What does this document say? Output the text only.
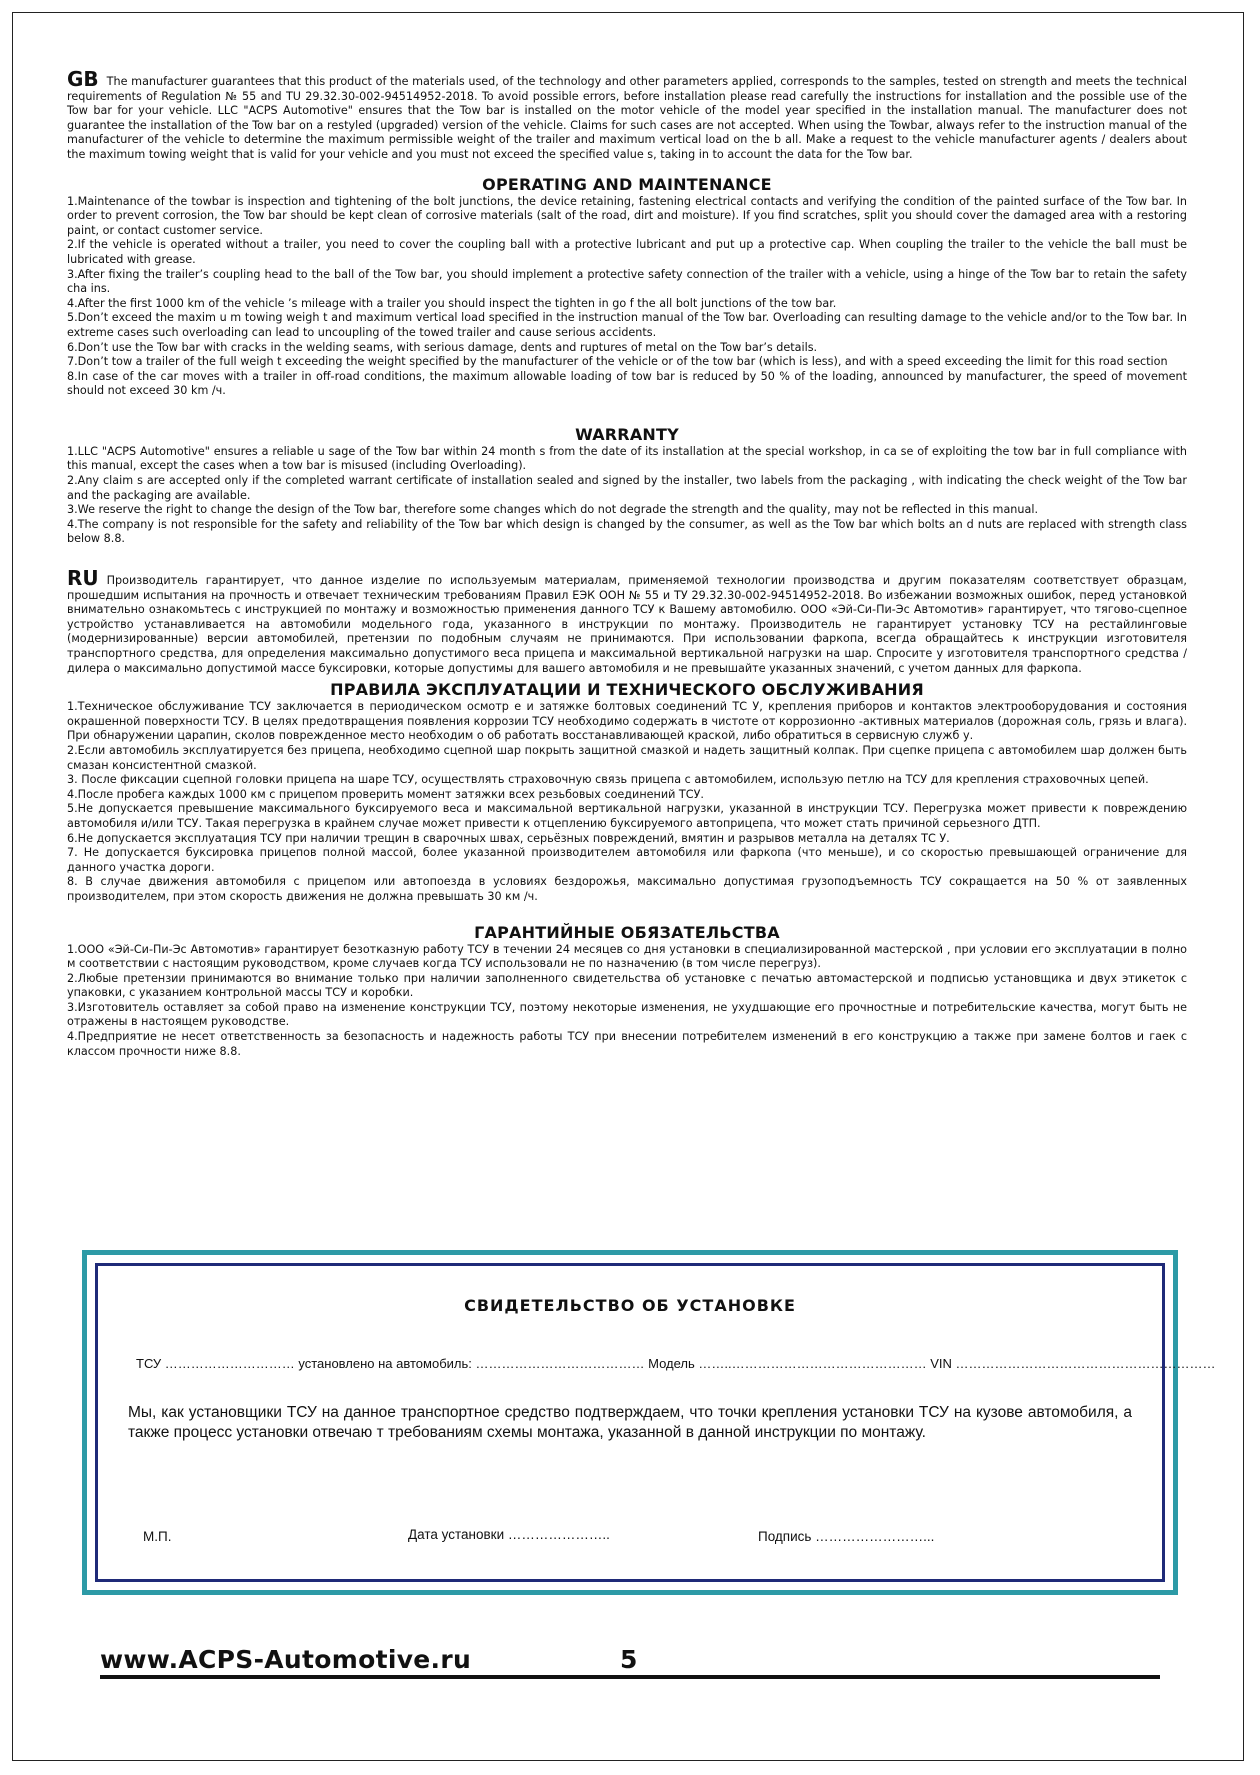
GB The manufacturer guarantees that this product of the materials used, of the technology and other parameters applied, corresponds to the samples, tested on strength and meets the technical requirements of Regulation № 55 and TU 29.32.30-002-94514952-2018. To avoid possible errors, before installation please read carefully the instructions for installation and the possible use of the Tow bar for your vehicle. LLC "ACPS Automotive" ensures that the Tow bar is installed on the motor vehicle of the model year specified in the installation manual. The manufacturer does not guarantee the installation of the Tow bar on a restyled (upgraded) version of the vehicle. Claims for such cases are not accepted. When using the Towbar, always refer to the instruction manual of the manufacturer of the vehicle to determine the maximum permissible weight of the trailer and maximum vertical load on the b all. Make a request to the vehicle manufacturer agents / dealers about the maximum towing weight that is valid for your vehicle and you must not exceed the specified value s, taking in to account the data for the Tow bar.

OPERATING AND MAINTENANCE

1.Maintenance of the towbar is inspection and tightening of the bolt junctions, the device retaining, fastening electrical contacts and verifying the condition of the painted surface of the Tow bar. In order to prevent corrosion, the Tow bar should be kept clean of corrosive materials (salt of the road, dirt and moisture). If you find scratches, split you should cover the damaged area with a restoring paint, or contact customer service.

2.If the vehicle is operated without a trailer, you need to cover the coupling ball with a protective lubricant and put up a protective cap. When coupling the trailer to the vehicle the ball must be lubricated with grease.

3.After fixing the trailer’s coupling head to the ball of the Tow bar, you should implement a protective safety connection of the trailer with a vehicle, using a hinge of the Tow bar to retain the safety cha ins.

4.After the first 1000 km of the vehicle ’s mileage with a trailer you should inspect the tighten in go f the all bolt junctions of the tow bar.

5.Don’t exceed the maxim u m towing weigh t and maximum vertical load specified in the instruction manual of the Tow bar. Overloading can resulting damage to the vehicle and/or to the Tow bar. In extreme cases such overloading can lead to uncoupling of the towed trailer and cause serious accidents.

6.Don’t use the Tow bar with cracks in the welding seams, with serious damage, dents and ruptures of metal on the Tow bar’s details.

7.Don’t tow a trailer of the full weigh t exceeding the weight specified by the manufacturer of the vehicle or of the tow bar (which is less), and with a speed exceeding the limit for this road section

8.In case of the car moves with a trailer in off-road conditions, the maximum allowable loading of tow bar is reduced by 50 % of the loading, announced by manufacturer, the speed of movement should not exceed 30 km /ч.

WARRANTY

1.LLC "ACPS Automotive" ensures a reliable u sage of the Tow bar within 24 month s from the date of its installation at the special workshop, in ca se of exploiting the tow bar in full compliance with this manual, except the cases when a tow bar is misused (including Overloading).

2.Any claim s are accepted only if the completed warrant certificate of installation sealed and signed by the installer, two labels from the packaging , with indicating the check weight of the Tow bar and the packaging are available.

3.We reserve the right to change the design of the Tow bar, therefore some changes which do not degrade the strength and the quality, may not be reflected in this manual.

4.The company is not responsible for the safety and reliability of the Tow bar which design is changed by the consumer, as well as the Tow bar which bolts an d nuts are replaced with strength class below 8.8.

RU Производитель гарантирует, что данное изделие по используемым материалам, применяемой технологии производства и другим показателям соответствует образцам, прошедшим испытания на прочность и отвечает техническим требованиям Правил ЕЭК ООН № 55 и ТУ 29.32.30-002-94514952-2018. Во избежании возможных ошибок, перед установкой внимательно ознакомьтесь с инструкцией по монтажу и возможностью применения данного ТСУ к Вашему автомобилю. ООО «Эй-Си-Пи-Эс Автомотив» гарантирует, что тягово-сцепное устройство устанавливается на автомобили модельного года, указанного в инструкции по монтажу. Производитель не гарантирует установку ТСУ на рестайлинговые (модернизированные) версии автомобилей, претензии по подобным случаям не принимаются. При использовании фаркопа, всегда обращайтесь к инструкции изготовителя транспортного средства, для определения максимально допустимого веса прицепа и максимальной вертикальной нагрузки на шар. Спросите у изготовителя транспортного средства / дилера о максимально допустимой массе буксировки, которые допустимы для вашего автомобиля и не превышайте указанных значений, с учетом данных для фаркопа.

ПРАВИЛА ЭКСПЛУАТАЦИИ И ТЕХНИЧЕСКОГО ОБСЛУЖИВАНИЯ

1.Техническое обслуживание ТСУ заключается в периодическом осмотр е и затяжке болтовых соединений ТС У, крепления приборов и контактов электрооборудования и состояния окрашенной поверхности ТСУ. В целях предотвращения появления коррозии ТСУ необходимо содержать в чистоте от коррозионно -активных материалов (дорожная соль, грязь и влага). При обнаружении царапин, сколов поврежденное место необходим о об работать восстанавливающей краской, либо обратиться в сервисную служб у.

2.Если автомобиль эксплуатируется без прицепа, необходимо сцепной шар покрыть защитной смазкой и надеть защитный колпак. При сцепке прицепа с автомобилем шар должен быть смазан консистентной смазкой.

3. После фиксации сцепной головки прицепа на шаре ТСУ, осуществлять страховочную связь прицепа с автомобилем, использую петлю на ТСУ для крепления страховочных цепей.

4.После пробега каждых 1000 км с прицепом проверить момент затяжки всех резьбовых соединений ТСУ.

5.Не допускается превышение максимального буксируемого веса и максимальной вертикальной нагрузки, указанной в инструкции ТСУ. Перегрузка может привести к повреждению автомобиля и/или ТСУ. Такая перегрузка в крайнем случае может привести к отцеплению буксируемого автоприцепа, что может стать причиной серьезного ДТП.

6.Не допускается эксплуатация ТСУ при наличии трещин в сварочных швах, серьёзных повреждений, вмятин и разрывов металла на деталях ТС У.

7. Не допускается буксировка прицепов полной массой, более указанной производителем автомобиля или фаркопа (что меньше), и со скоростью превышающей ограничение для данного участка дороги.

8. В случае движения автомобиля с прицепом или автопоезда в условиях бездорожья, максимально допустимая грузоподъемность ТСУ сокращается на 50 % от заявленных производителем, при этом скорость движения не должна превышать 30 км /ч.

ГАРАНТИЙНЫЕ ОБЯЗАТЕЛЬСТВА

1.ООО «Эй-Си-Пи-Эс Автомотив» гарантирует безотказную работу ТСУ в течении 24 месяцев со дня установки в специализированной мастерской , при условии его эксплуатации в полно м соответствии с настоящим руководством, кроме случаев когда ТСУ использовали не по назначению (в том числе перегруз).

2.Любые претензии принимаются во внимание только при наличии заполненного свидетельства об установке с печатью автомастерской и подписью установщика и двух этикеток с упаковки, с указанием контрольной массы ТСУ и коробки.

3.Изготовитель оставляет за собой право на изменение конструкции ТСУ, поэтому некоторые изменения, не ухудшающие его прочностные и потребительские качества, могут быть не отражены в настоящем руководстве.

4.Предприятие не несет ответственность за безопасность и надежность работы ТСУ при внесении потребителем изменений в его конструкцию а также при замене болтов и гаек с классом прочности ниже 8.8.

СВИДЕТЕЛЬСТВО ОБ УСТАНОВКЕ
ТСУ ………………………… установлено на автомобиль: ………………………………… Модель ……..……………………………………… VIN ……………………………………………………
Мы, как установщики ТСУ на данное транспортное средство подтверждаем, что точки крепления установки ТСУ на кузове автомобиля, а также процесс установки отвечаю т требованиям схемы монтажа, указанной в данной инструкции по монтажу.
М.П.	Дата установки …………………..	Подпись ……………………...
www.ACPS-Automotive.ru	5
